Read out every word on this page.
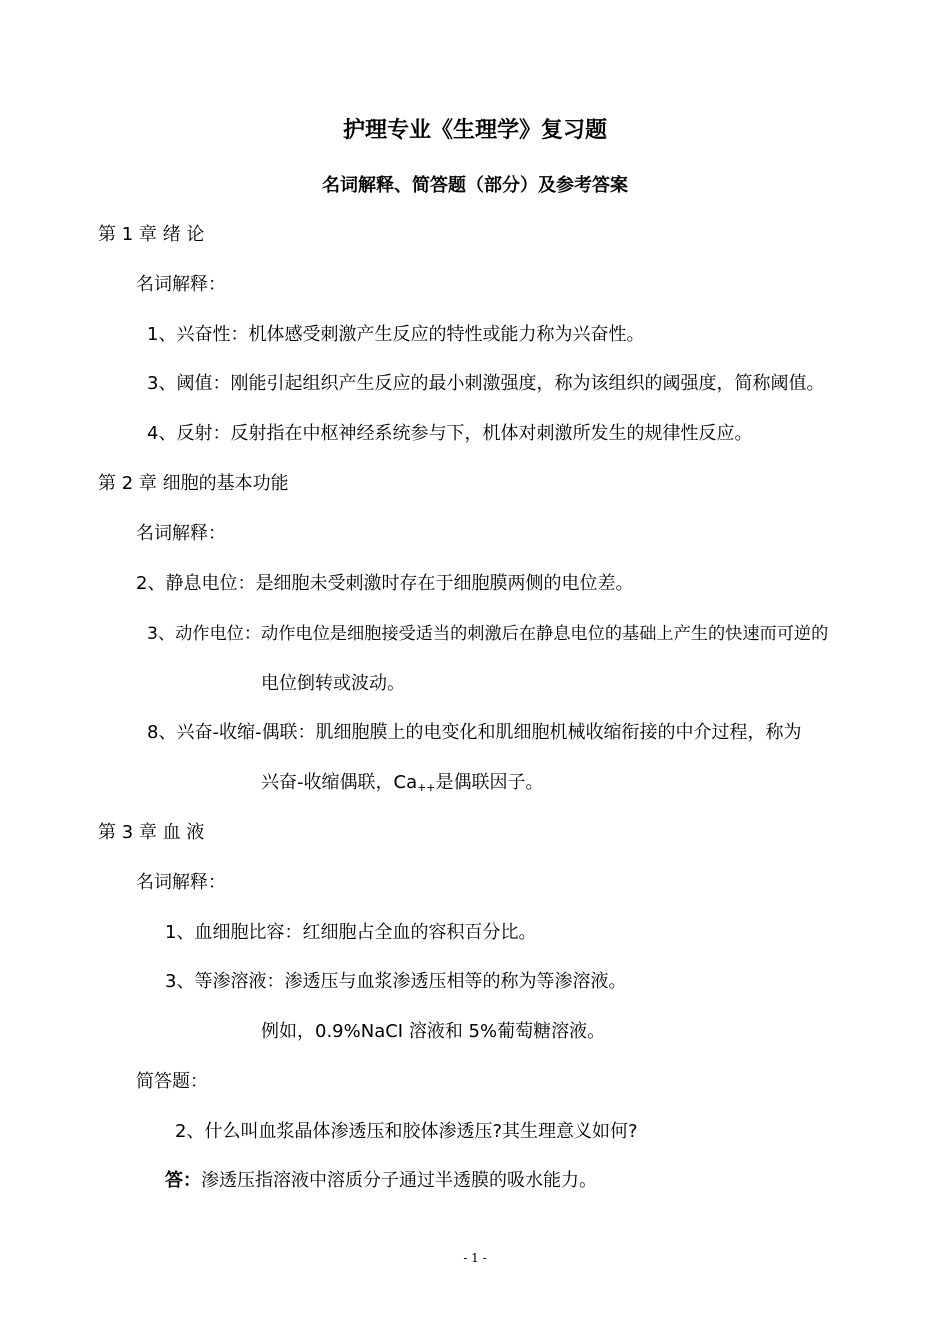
护理专业《生理学》复习题
名词解释、简答题（部分）及参考答案
第 1 章 绪 论
名词解释：
1、兴奋性：机体感受刺激产生反应的特性或能力称为兴奋性。
3、阈值：刚能引起组织产生反应的最小刺激强度，称为该组织的阈强度，简称阈值。
4、反射：反射指在中枢神经系统参与下，机体对刺激所发生的规律性反应。
第 2 章 细胞的基本功能
名词解释：
2、静息电位：是细胞未受刺激时存在于细胞膜两侧的电位差。
3、动作电位：动作电位是细胞接受适当的刺激后在静息电位的基础上产生的快速而可逆的
电位倒转或波动。
8、兴奋-收缩-偶联：肌细胞膜上的电变化和肌细胞机械收缩衔接的中介过程，称为
兴奋-收缩偶联，$Ca_{++}$是偶联因子。
第 3 章 血 液
名词解释：
1、血细胞比容：红细胞占全血的容积百分比。
3、等渗溶液：渗透压与血浆渗透压相等的称为等渗溶液。
例如，0.9%NaCI 溶液和 5%葡萄糖溶液。
简答题：
2、什么叫血浆晶体渗透压和胶体渗透压?其生理意义如何?
答：渗透压指溶液中溶质分子通过半透膜的吸水能力。
- 1 -
